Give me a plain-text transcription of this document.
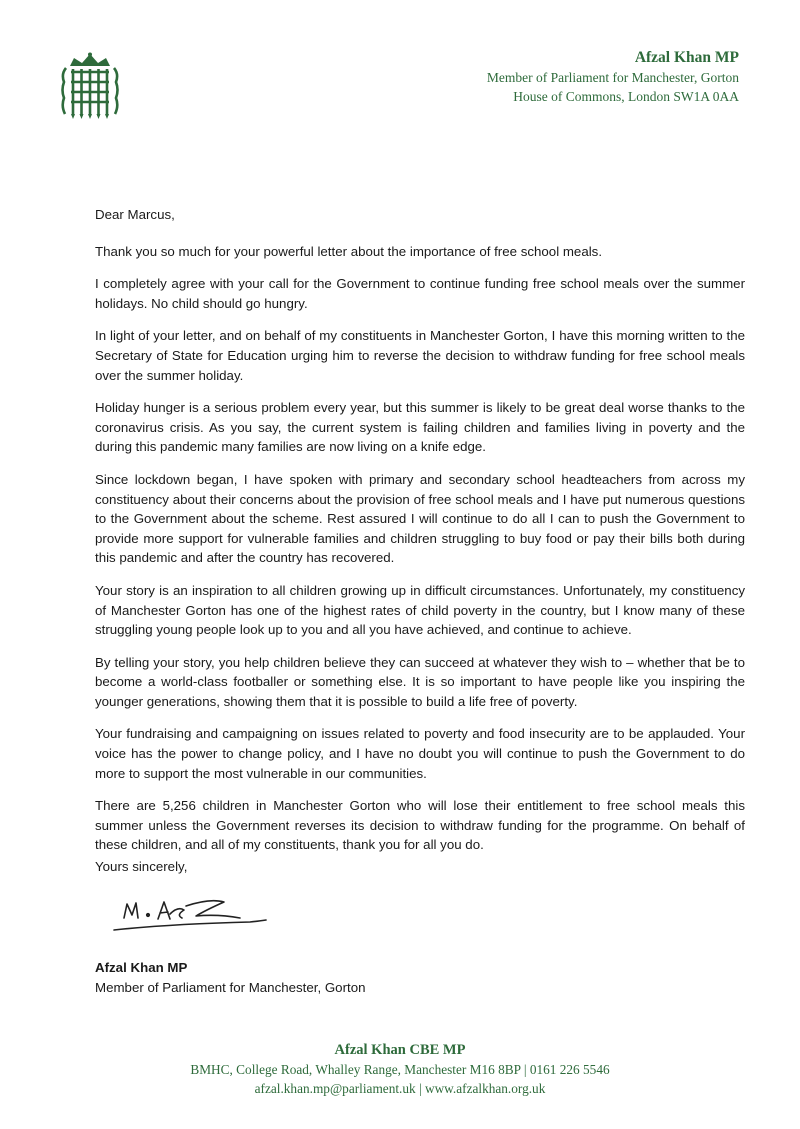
Afzal Khan MP
Member of Parliament for Manchester, Gorton
House of Commons, London SW1A 0AA

Dear Marcus,

Thank you so much for your powerful letter about the importance of free school meals.

I completely agree with your call for the Government to continue funding free school meals over the summer holidays. No child should go hungry.

In light of your letter, and on behalf of my constituents in Manchester Gorton, I have this morning written to the Secretary of State for Education urging him to reverse the decision to withdraw funding for free school meals over the summer holiday.

Holiday hunger is a serious problem every year, but this summer is likely to be great deal worse thanks to the coronavirus crisis. As you say, the current system is failing children and families living in poverty and the during this pandemic many families are now living on a knife edge.

Since lockdown began, I have spoken with primary and secondary school headteachers from across my constituency about their concerns about the provision of free school meals and I have put numerous questions to the Government about the scheme. Rest assured I will continue to do all I can to push the Government to provide more support for vulnerable families and children struggling to buy food or pay their bills both during this pandemic and after the country has recovered.

Your story is an inspiration to all children growing up in difficult circumstances. Unfortunately, my constituency of Manchester Gorton has one of the highest rates of child poverty in the country, but I know many of these struggling young people look up to you and all you have achieved, and continue to achieve.

By telling your story, you help children believe they can succeed at whatever they wish to – whether that be to become a world-class footballer or something else. It is so important to have people like you inspiring the younger generations, showing them that it is possible to build a life free of poverty.

Your fundraising and campaigning on issues related to poverty and food insecurity are to be applauded. Your voice has the power to change policy, and I have no doubt you will continue to push the Government to do more to support the most vulnerable in our communities.

There are 5,256 children in Manchester Gorton who will lose their entitlement to free school meals this summer unless the Government reverses its decision to withdraw funding for the programme. On behalf of these children, and all of my constituents, thank you for all you do.

Yours sincerely,
Afzal Khan MP
Member of Parliament for Manchester, Gorton
Afzal Khan CBE MP
BMHC, College Road, Whalley Range, Manchester M16 8BP | 0161 226 5546
afzal.khan.mp@parliament.uk | www.afzalkhan.org.uk
